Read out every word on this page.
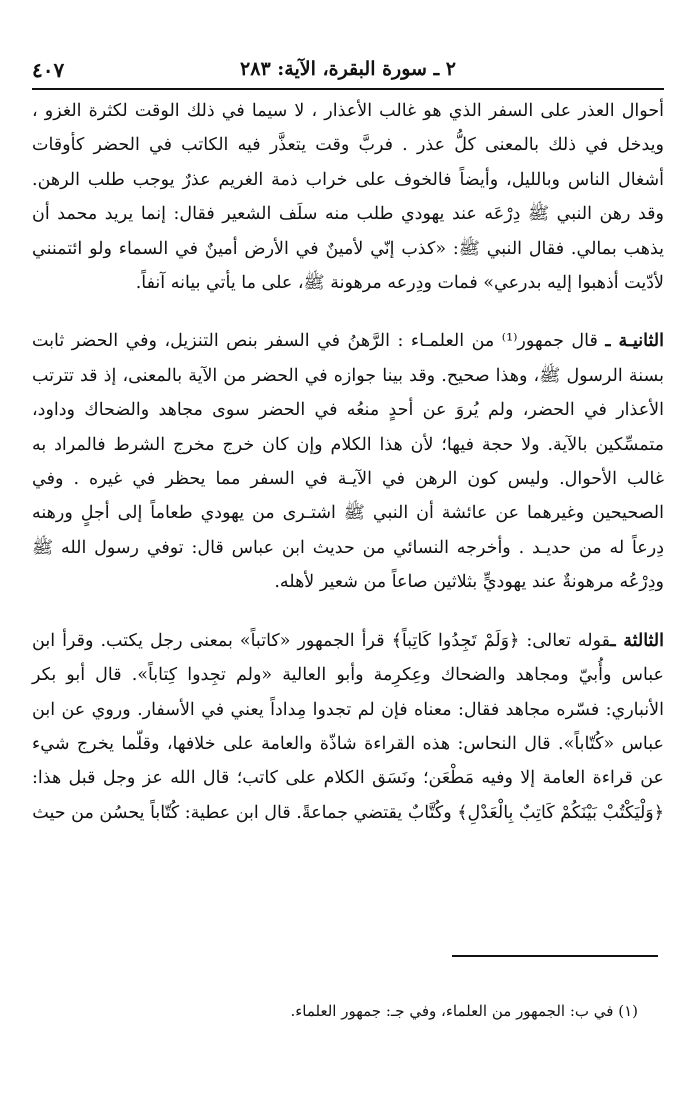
٢ ـ سورة البقرة، الآية: ٢٨٣
٤٠٧

أحوال العذر على السفر الذي هو غالب الأعذار ، لا سيما في ذلك الوقت لكثرة الغزو ، ويدخل في ذلك بالمعنى كلُّ عذر . فربَّ وقت يتعذَّر فيه الكاتب في الحضر كأوقات أشغال الناس وبالليل، وأيضاً فالخوف على خراب ذمة الغريم عذرٌ يوجب طلب الرهن. وقد رهن النبي ﷺ دِرْعَه عند يهودي طلب منه سلَف الشعير فقال: إنما يريد محمد أن يذهب بمالي. فقال النبي ﷺ: «كذب إنّي لأمينٌ في الأرض أمينٌ في السماء ولو ائتمنني لأدّيت أذهبوا إليه بدرعي» فمات ودِرعه مرهونة ﷺ، على ما يأتي بيانه آنفاً.

الثانيـة ـ قال جمهور⁽¹⁾ من العلمـاء : الرَّهنُ في السفر بنص التنزيل، وفي الحضر ثابت بسنة الرسول ﷺ، وهذا صحيح. وقد بينا جوازه في الحضر من الآية بالمعنى، إذ قد تترتب الأعذار في الحضر، ولم يُروَ عن أحدٍ منعُه في الحضر سوى مجاهد والضحاك وداود، متمسِّكين بالآية. ولا حجة فيها؛ لأن هذا الكلام وإن كان خرج مخرج الشرط فالمراد به غالب الأحوال. وليس كون الرهن في الآيـة في السفر مما يحظر في غيره . وفي الصحيحين وغيرهما عن عائشة أن النبي ﷺ اشتـرى من يهودي طعاماً إلى أجلٍ ورهنه دِرعاً له من حديـد . وأخرجه النسائي من حديث ابن عباس قال: توفي رسول الله ﷺ ودِرْعُه مرهونةٌ عند يهوديٍّ بثلاثين صاعاً من شعير لأهله.

الثالثة ـقوله تعالى: ﴿وَلَمْ تَجِدُوا كَاتِباً﴾ قرأ الجمهور «كاتباً» بمعنى رجل يكتب. وقرأ ابن عباس وأُبيّ ومجاهد والضحاك وعِكرِمة وأبو العالية «ولم تجِدوا كِتاباً». قال أبو بكر الأنباري: فسّره مجاهد فقال: معناه فإن لم تجدوا مِداداً يعني في الأسفار. وروي عن ابن عباس «كُتّاباً». قال النحاس: هذه القراءة شاذّة والعامة على خلافها، وقلّما يخرج شيء عن قراءة العامة إلا وفيه مَطْعَن؛ ونَسَق الكلام على كاتب؛ قال الله عز وجل قبل هذا: ﴿وَلْيَكْتُبْ بَيْنَكُمْ كَاتِبٌ بِالْعَدْلِ﴾ وكُتَّابٌ يقتضي جماعةً. قال ابن عطية: كُتّاباً يحسُن من حيث

(١) في ب: الجمهور من العلماء، وفي جـ: جمهور العلماء.
